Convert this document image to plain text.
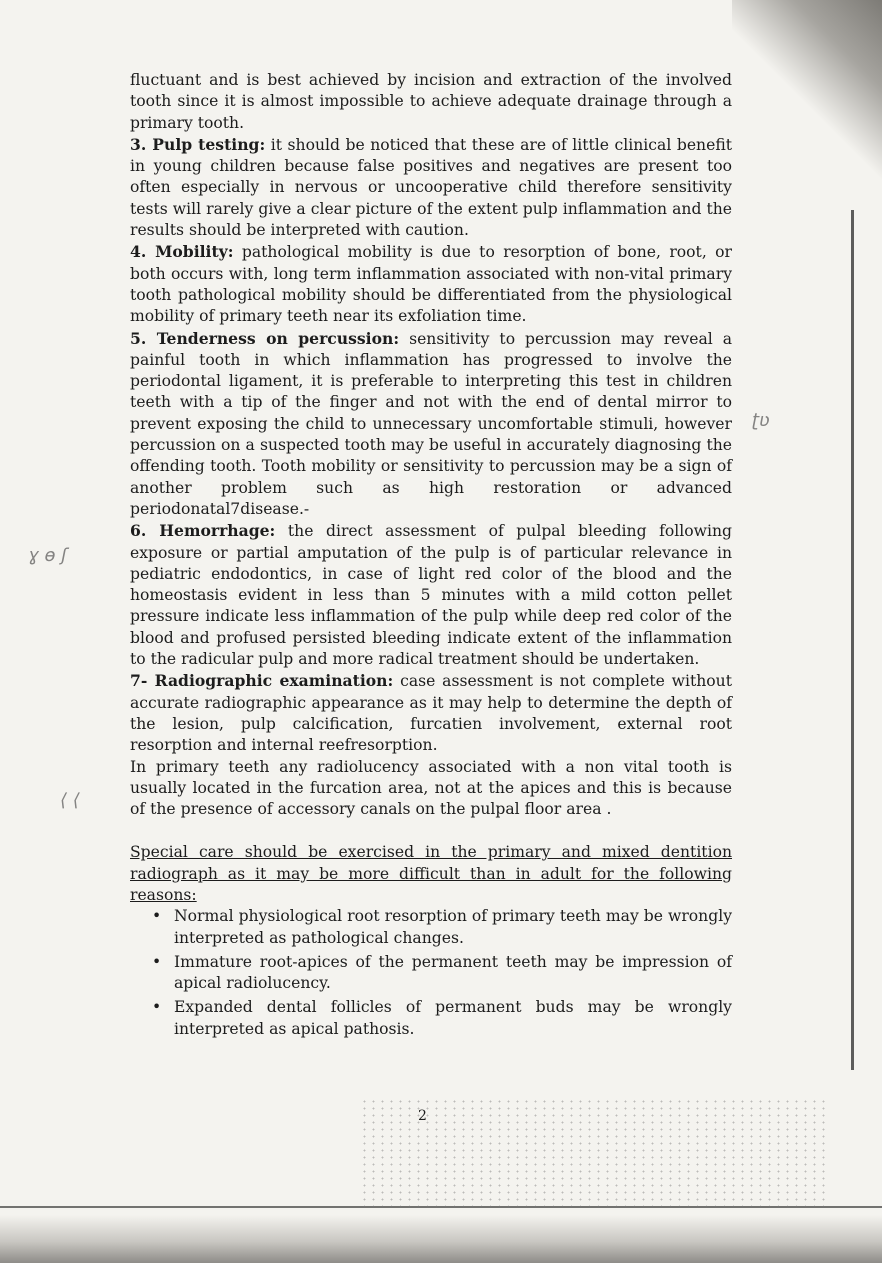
ɣ ɵ ʃ
ʈʋ
⟨ ⟨

fluctuant and is best achieved by incision and extraction of the involved tooth since it is almost impossible to achieve adequate drainage through a primary tooth.

3. Pulp testing: it should be noticed that these are of little clinical benefit in young children because false positives and negatives are present too often especially in nervous or uncooperative child therefore sensitivity tests will rarely give a clear picture of the extent pulp inflammation and the results should be interpreted with caution.

4. Mobility: pathological mobility is due to resorption of bone, root, or both occurs with, long term inflammation associated with non-vital primary tooth pathological mobility should be differentiated from the physiological mobility of primary teeth near its exfoliation time.

5. Tenderness on percussion: sensitivity to percussion may reveal a painful tooth in which inflammation has progressed to involve the periodontal ligament, it is preferable to interpreting this test in children teeth with a tip of the finger and not with the end of dental mirror to prevent exposing the child to unnecessary uncomfortable stimuli, however percussion on a suspected tooth may be useful in accurately diagnosing the offending tooth. Tooth mobility or sensitivity to percussion may be a sign of another problem such as high restoration or advanced periodonatal7disease.-

6. Hemorrhage: the direct assessment of pulpal bleeding following exposure or partial amputation of the pulp is of particular relevance in pediatric endodontics, in case of light red color of the blood and the homeostasis evident in less than 5 minutes with a mild cotton pellet pressure indicate less inflammation of the pulp while deep red color of the blood and profused persisted bleeding indicate extent of the inflammation to the radicular pulp and more radical treatment should be undertaken.

7- Radiographic examination: case assessment is not complete without accurate radiographic appearance as it may help to determine the depth of the lesion, pulp calcification, furcatien involvement, external root resorption and internal reefresorption.

In primary teeth any radiolucency associated with a non vital tooth is usually located in the furcation area, not at the apices and this is because of the presence of accessory canals on the pulpal floor area .

Special care should be exercised in the primary and mixed dentition radiograph as it may be more difficult than in adult for the following reasons:

• Normal physiological root resorption of primary teeth may be wrongly interpreted as pathological changes.
• Immature root-apices of the permanent teeth may be impression of apical radiolucency.
• Expanded dental follicles of permanent buds may be wrongly interpreted as apical pathosis.
2
